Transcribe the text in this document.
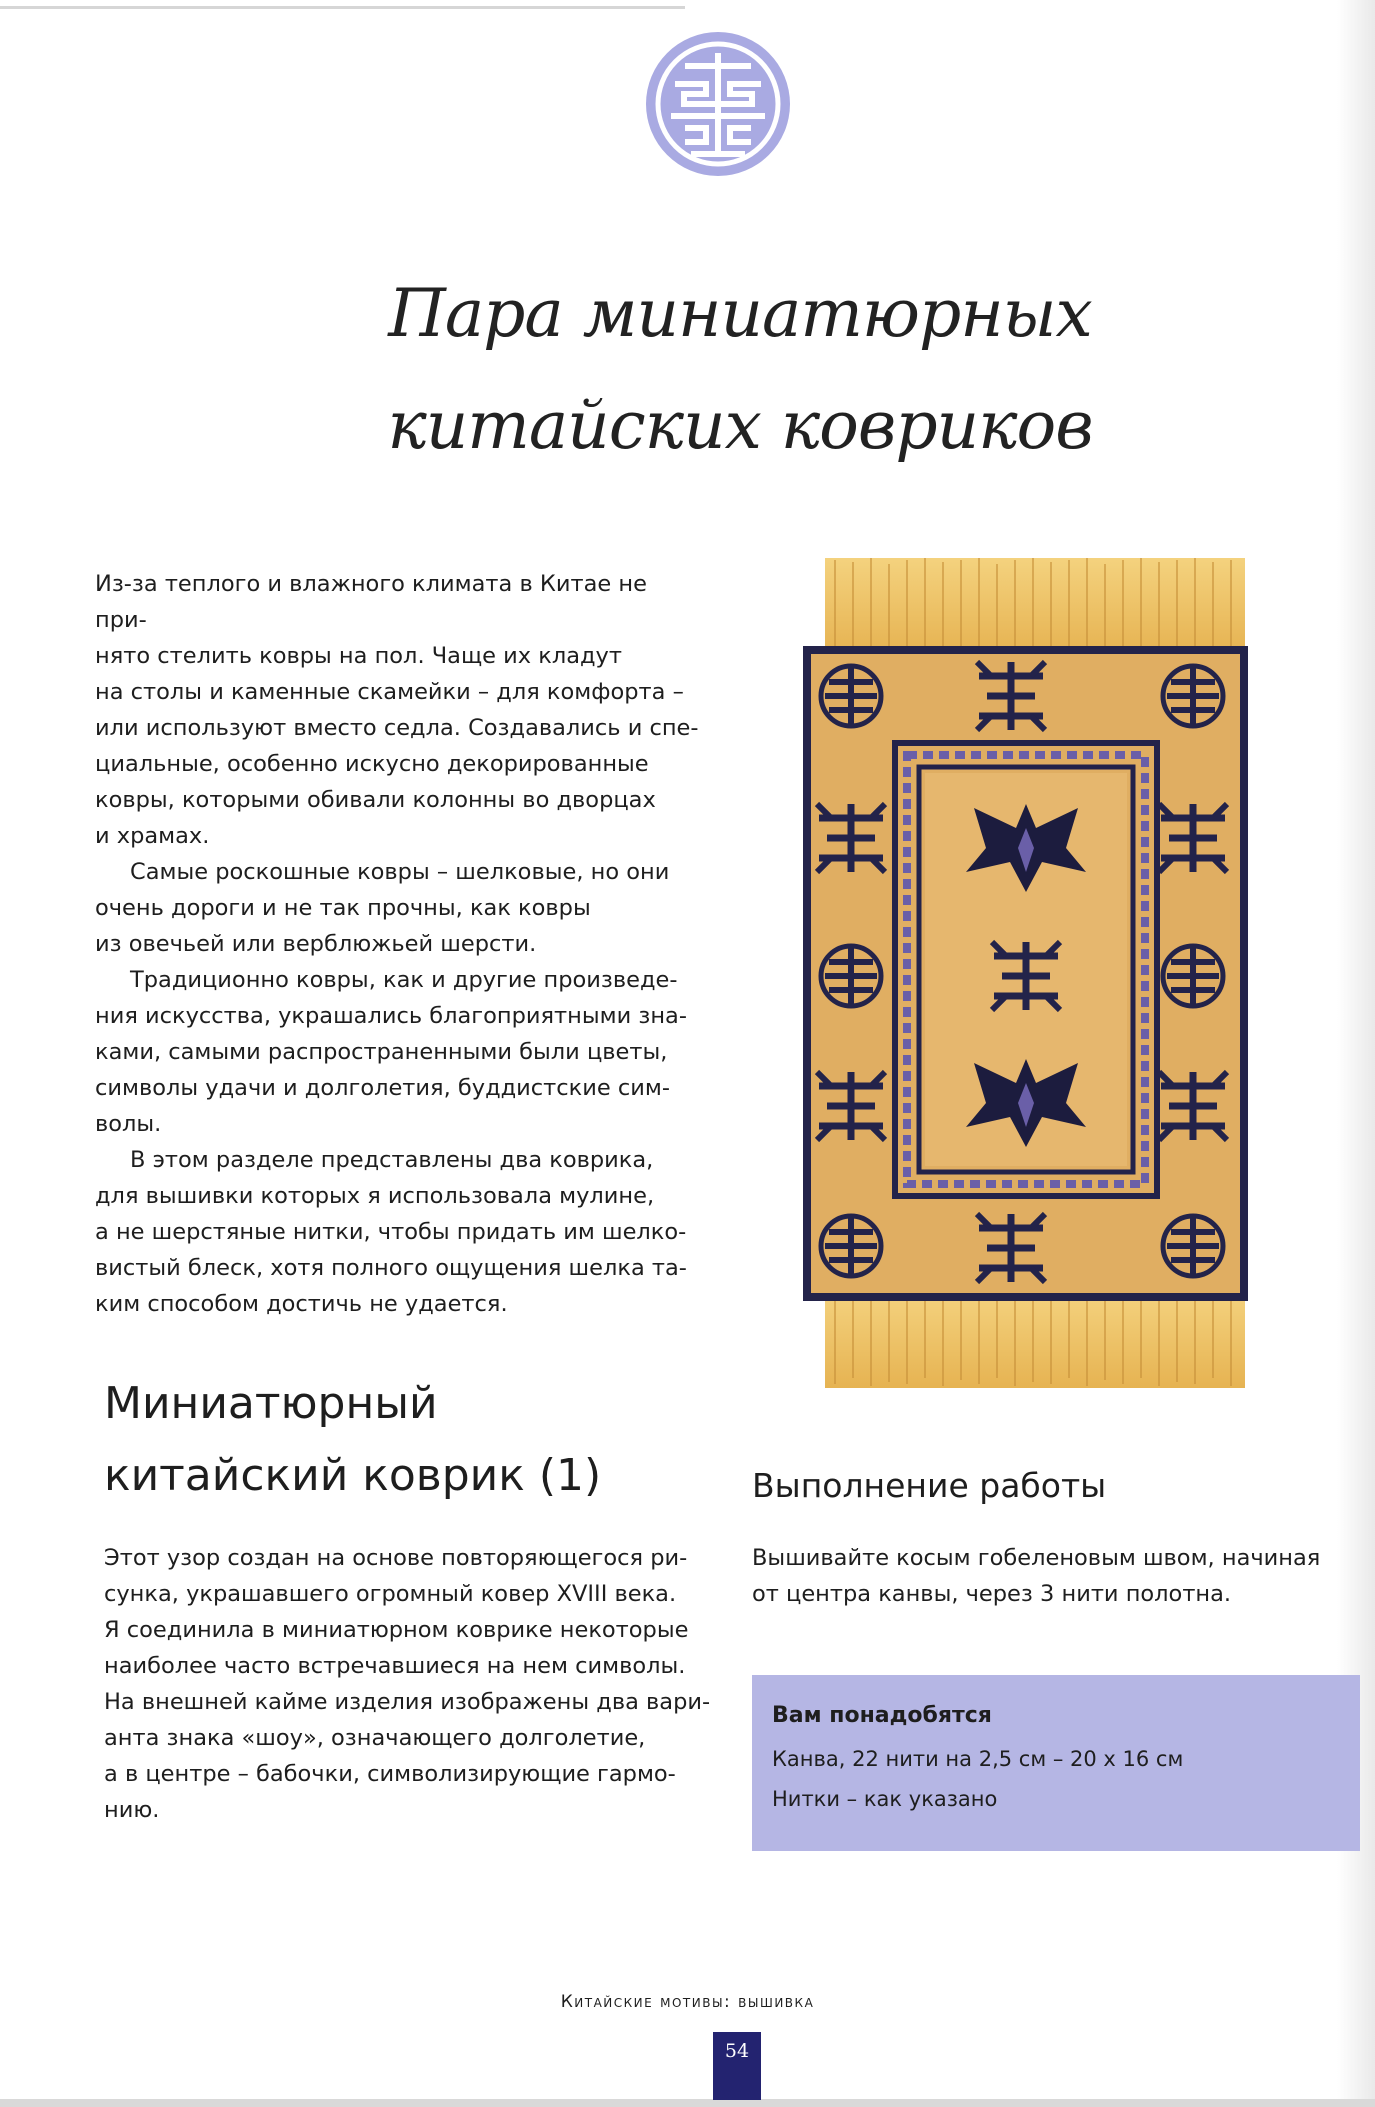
Пара миниатюрных
китайских ковриков

Из-за теплого и влажного климата в Китае не при-
нято стелить ковры на пол. Чаще их кладут
на столы и каменные скамейки – для комфорта –
или используют вместо седла. Создавались и спе-
циальные, особенно искусно декорированные
ковры, которыми обивали колонны во дворцах
и храмах.

Самые роскошные ковры – шелковые, но они
очень дороги и не так прочны, как ковры
из овечьей или верблюжьей шерсти.

Традиционно ковры, как и другие произведе-
ния искусства, украшались благоприятными зна-
ками, самыми распространенными были цветы,
символы удачи и долголетия, буддистские сим-
волы.

В этом разделе представлены два коврика,
для вышивки которых я использовала мулине,
а не шерстяные нитки, чтобы придать им шелко-
вистый блеск, хотя полного ощущения шелка та-
ким способом достичь не удается.

Миниатюрный
китайский коврик (1)

Этот узор создан на основе повторяющегося ри-
сунка, украшавшего огромный ковер XVIII века.
Я соединила в миниатюрном коврике некоторые
наиболее часто встречавшиеся на нем символы.
На внешней кайме изделия изображены два вари-
анта знака «шоу», означающего долголетие,
а в центре – бабочки, символизирующие гармо-
нию.

Выполнение работы

Вышивайте косым гобеленовым швом, начиная
от центра канвы, через 3 нити полотна.

Вам понадобятся

Канва, 22 нити на 2,5 см – 20 х 16 см

Нитки – как указано

Китайские мотивы: вышивка
54
